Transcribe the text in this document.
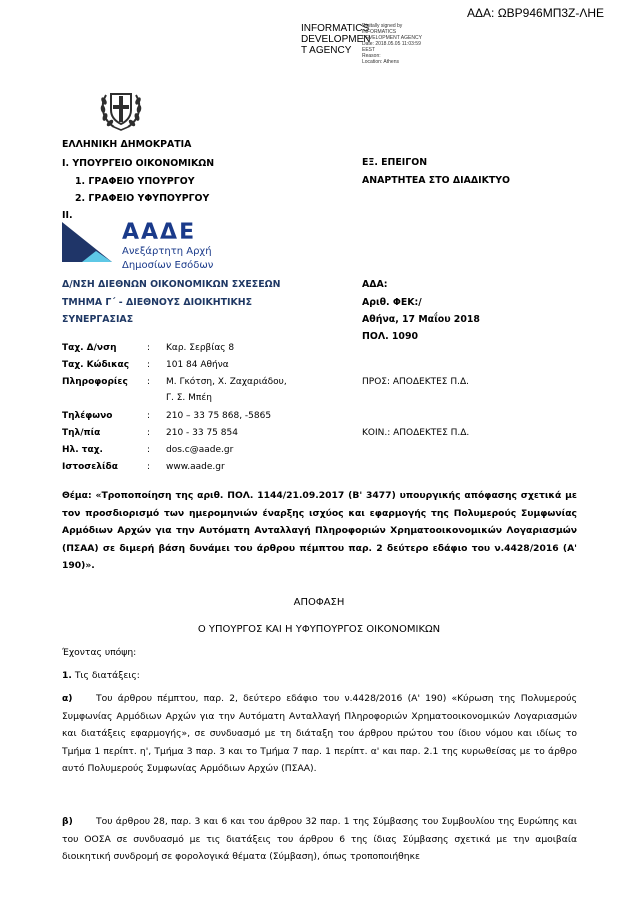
ΑΔΑ: ΩΒΡ946ΜΠ3Ζ-ΛΗΕ
INFORMATICS
DEVELOPMEN
T AGENCY
Digitally signed by
INFORMATICS
DEVELOPMENT AGENCY
Date: 2018.05.05 11:03:59
EEST
Reason:
Location: Athens
ΕΛΛΗΝΙΚΗ ΔΗΜΟΚΡΑΤΙΑ
Ι. ΥΠΟΥΡΓΕΙΟ ΟΙΚΟΝΟΜΙΚΩΝ
1. ΓΡΑΦΕΙΟ ΥΠΟΥΡΓΟΥ
2. ΓΡΑΦΕΙΟ ΥΦΥΠΟΥΡΓΟΥ
ΙΙ.
ΕΞ. ΕΠΕΙΓΟΝ
ΑΝΑΡΤΗΤΕΑ ΣΤΟ ΔΙΑΔΙΚΤΥΟ
ΑΑΔΕ
Ανεξάρτητη Αρχή
Δημοσίων Εσόδων
Δ/ΝΣΗ ΔΙΕΘΝΩΝ ΟΙΚΟΝΟΜΙΚΩΝ ΣΧΕΣΕΩΝ
ΤΜΗΜΑ Γ΄ - ΔΙΕΘΝΟΥΣ ΔΙΟΙΚΗΤΙΚΗΣ
ΣΥΝΕΡΓΑΣΙΑΣ
ΑΔΑ:
Αριθ. ΦΕΚ:/
Αθήνα, 17 Μαΐου 2018
ΠΟΛ. 1090
Ταχ. Δ/νση	: Καρ. Σερβίας 8
Ταχ. Κώδικας : 101 84 Αθήνα
Πληροφορίες : Μ. Γκότση, Χ. Ζαχαριάδου,
Γ. Σ. Μπέη
Τηλέφωνο	: 210 – 33 75 868, -5865
Τηλ/πία	: 210 - 33 75 854
Ηλ. ταχ.	: dos.c@aade.gr
Ιστοσελίδα	: www.aade.gr
ΠΡΟΣ: ΑΠΟΔΕΚΤΕΣ Π.Δ.
ΚΟΙΝ.: ΑΠΟΔΕΚΤΕΣ Π.Δ.
Θέμα: «Τροποποίηση της αριθ. ΠΟΛ. 1144/21.09.2017 (Β' 3477) υπουργικής απόφασης σχετικά με τον προσδιορισμό των ημερομηνιών έναρξης ισχύος και εφαρμογής της Πολυμερούς Συμφωνίας Αρμόδιων Αρχών για την Αυτόματη Ανταλλαγή Πληροφοριών Χρηματοοικονομικών Λογαριασμών (ΠΣΑΑ) σε διμερή βάση δυνάμει του άρθρου πέμπτου παρ. 2 δεύτερο εδάφιο του ν.4428/2016 (Α' 190)».
ΑΠΟΦΑΣΗ
Ο ΥΠΟΥΡΓΟΣ ΚΑΙ Η ΥΦΥΠΟΥΡΓΟΣ ΟΙΚΟΝΟΜΙΚΩΝ
Έχοντας υπόψη:
1. Τις διατάξεις:
α)	Του άρθρου πέμπτου, παρ. 2, δεύτερο εδάφιο του ν.4428/2016 (Α' 190) «Κύρωση της Πολυμερούς Συμφωνίας Αρμόδιων Αρχών για την Αυτόματη Ανταλλαγή Πληροφοριών Χρηματοοικονομικών Λογαριασμών και διατάξεις εφαρμογής», σε συνδυασμό με τη διάταξη του άρθρου πρώτου του ίδιου νόμου και ιδίως το Τμήμα 1 περίπτ. η', Τμήμα 3 παρ. 3 και το Τμήμα 7 παρ. 1 περίπτ. α' και παρ. 2.1 της κυρωθείσας με το άρθρο αυτό Πολυμερούς Συμφωνίας Αρμόδιων Αρχών (ΠΣΑΑ).
β)	Του άρθρου 28, παρ. 3 και 6 και του άρθρου 32 παρ. 1 της Σύμβασης του Συμβουλίου της Ευρώπης και του ΟΟΣΑ σε συνδυασμό με τις διατάξεις του άρθρου 6 της ίδιας Σύμβασης σχετικά με την αμοιβαία διοικητική συνδρομή σε φορολογικά θέματα (Σύμβαση), όπως τροποποιήθηκε
